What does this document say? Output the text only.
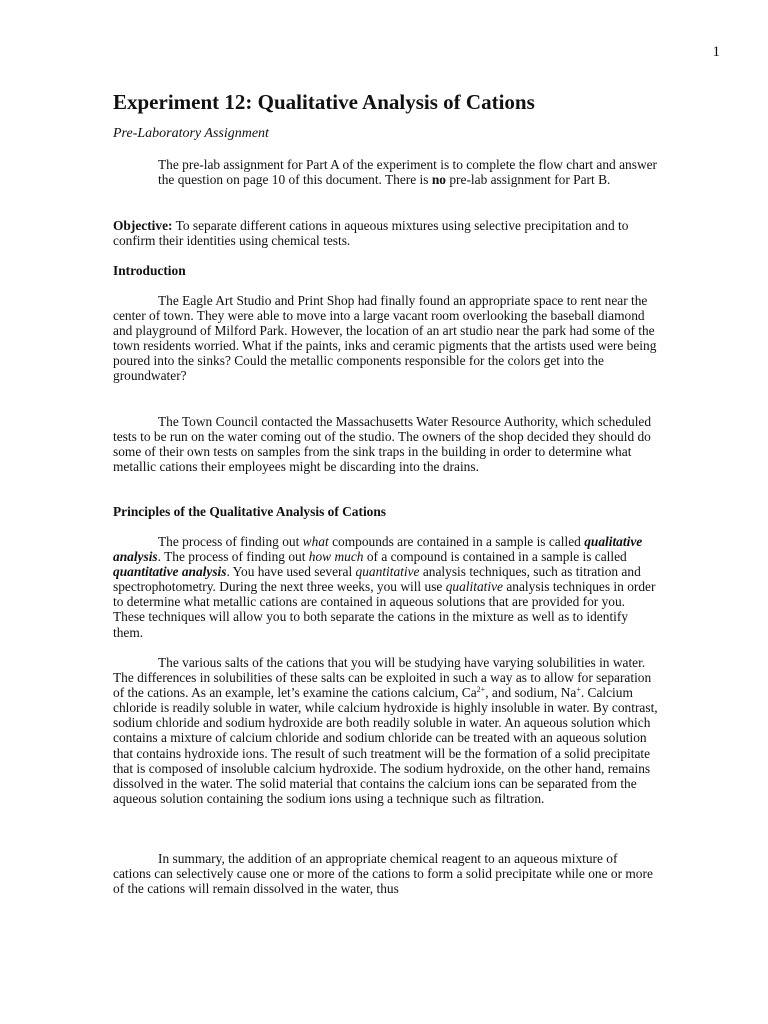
1
Experiment 12: Qualitative Analysis of Cations

Pre-Laboratory Assignment

The pre-lab assignment for Part A of the experiment is to complete the flow chart and answer the question on page 10 of this document. There is no pre-lab assignment for Part B.

Objective: To separate different cations in aqueous mixtures using selective precipitation and to confirm their identities using chemical tests.

Introduction

The Eagle Art Studio and Print Shop had finally found an appropriate space to rent near the center of town. They were able to move into a large vacant room overlooking the baseball diamond and playground of Milford Park. However, the location of an art studio near the park had some of the town residents worried. What if the paints, inks and ceramic pigments that the artists used were being poured into the sinks? Could the metallic components responsible for the colors get into the groundwater?

The Town Council contacted the Massachusetts Water Resource Authority, which scheduled tests to be run on the water coming out of the studio. The owners of the shop decided they should do some of their own tests on samples from the sink traps in the building in order to determine what metallic cations their employees might be discarding into the drains.

Principles of the Qualitative Analysis of Cations

The process of finding out what compounds are contained in a sample is called qualitative analysis. The process of finding out how much of a compound is contained in a sample is called quantitative analysis. You have used several quantitative analysis techniques, such as titration and spectrophotometry. During the next three weeks, you will use qualitative analysis techniques in order to determine what metallic cations are contained in aqueous solutions that are provided for you. These techniques will allow you to both separate the cations in the mixture as well as to identify them.

The various salts of the cations that you will be studying have varying solubilities in water. The differences in solubilities of these salts can be exploited in such a way as to allow for separation of the cations. As an example, let’s examine the cations calcium, $Ca^{2+}$, and sodium, Na+. Calcium chloride is readily soluble in water, while calcium hydroxide is highly insoluble in water. By contrast, sodium chloride and sodium hydroxide are both readily soluble in water. An aqueous solution which contains a mixture of calcium chloride and sodium chloride can be treated with an aqueous solution that contains hydroxide ions. The result of such treatment will be the formation of a solid precipitate that is composed of insoluble calcium hydroxide. The sodium hydroxide, on the other hand, remains dissolved in the water. The solid material that contains the calcium ions can be separated from the aqueous solution containing the sodium ions using a technique such as filtration.

In summary, the addition of an appropriate chemical reagent to an aqueous mixture of cations can selectively cause one or more of the cations to form a solid precipitate while one or more of the cations will remain dissolved in the water, thus
